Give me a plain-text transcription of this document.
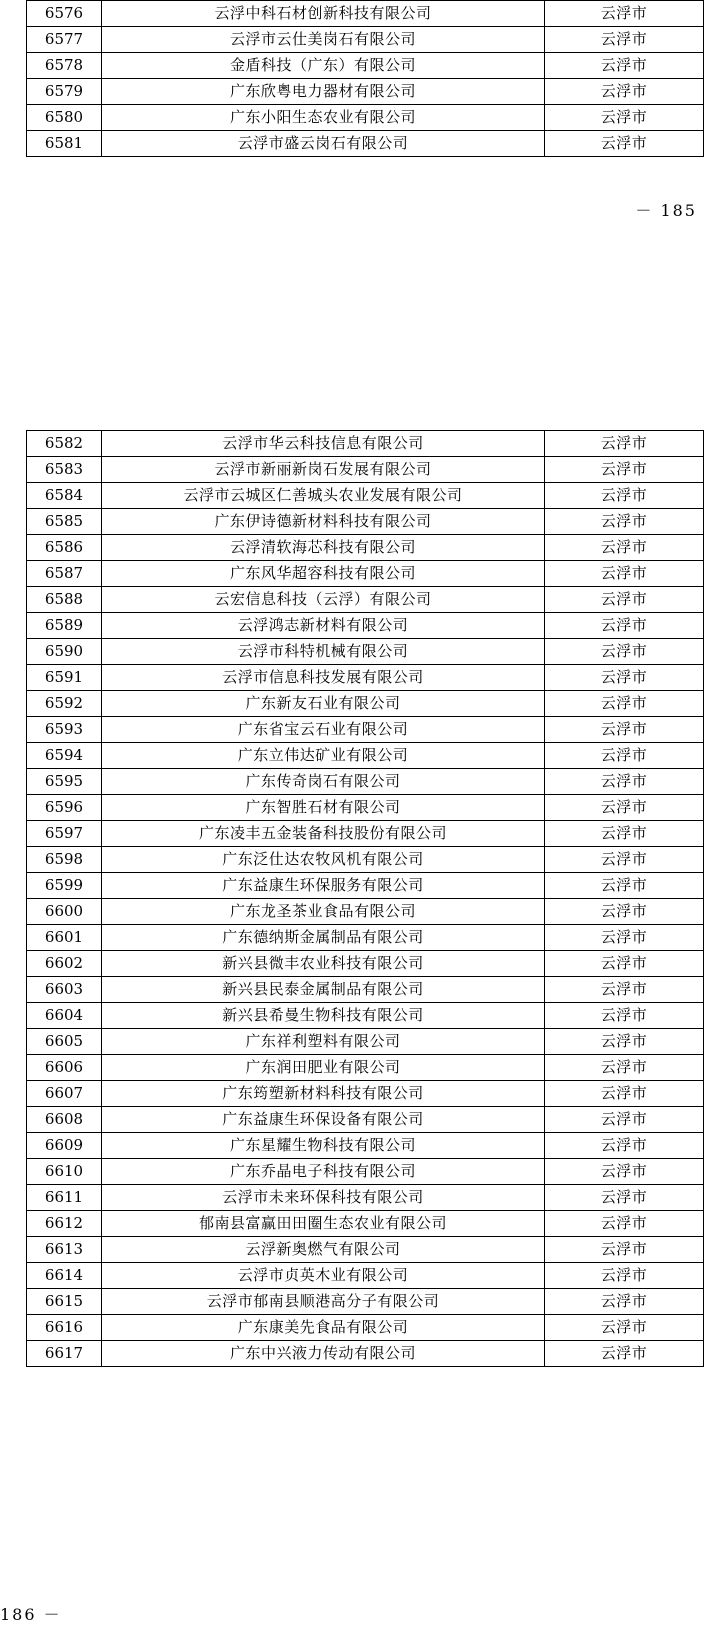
6576	云浮中科石材创新科技有限公司	云浮市
6577	云浮市云仕美岗石有限公司	云浮市
6578	金盾科技（广东）有限公司	云浮市
6579	广东欣粤电力器材有限公司	云浮市
6580	广东小阳生态农业有限公司	云浮市
6581	云浮市盛云岗石有限公司	云浮市
－ 185
6582	云浮市华云科技信息有限公司	云浮市
6583	云浮市新丽新岗石发展有限公司	云浮市
6584	云浮市云城区仁善城头农业发展有限公司	云浮市
6585	广东伊诗德新材料科技有限公司	云浮市
6586	云浮清软海芯科技有限公司	云浮市
6587	广东风华超容科技有限公司	云浮市
6588	云宏信息科技（云浮）有限公司	云浮市
6589	云浮鸿志新材料有限公司	云浮市
6590	云浮市科特机械有限公司	云浮市
6591	云浮市信息科技发展有限公司	云浮市
6592	广东新友石业有限公司	云浮市
6593	广东省宝云石业有限公司	云浮市
6594	广东立伟达矿业有限公司	云浮市
6595	广东传奇岗石有限公司	云浮市
6596	广东智胜石材有限公司	云浮市
6597	广东凌丰五金装备科技股份有限公司	云浮市
6598	广东泛仕达农牧风机有限公司	云浮市
6599	广东益康生环保服务有限公司	云浮市
6600	广东龙圣茶业食品有限公司	云浮市
6601	广东德纳斯金属制品有限公司	云浮市
6602	新兴县微丰农业科技有限公司	云浮市
6603	新兴县民泰金属制品有限公司	云浮市
6604	新兴县希曼生物科技有限公司	云浮市
6605	广东祥利塑料有限公司	云浮市
6606	广东润田肥业有限公司	云浮市
6607	广东筠塑新材料科技有限公司	云浮市
6608	广东益康生环保设备有限公司	云浮市
6609	广东星耀生物科技有限公司	云浮市
6610	广东乔晶电子科技有限公司	云浮市
6611	云浮市未来环保科技有限公司	云浮市
6612	郁南县富赢田田圈生态农业有限公司	云浮市
6613	云浮新奥燃气有限公司	云浮市
6614	云浮市贞英木业有限公司	云浮市
6615	云浮市郁南县顺港高分子有限公司	云浮市
6616	广东康美先食品有限公司	云浮市
6617	广东中兴液力传动有限公司	云浮市
186 －
